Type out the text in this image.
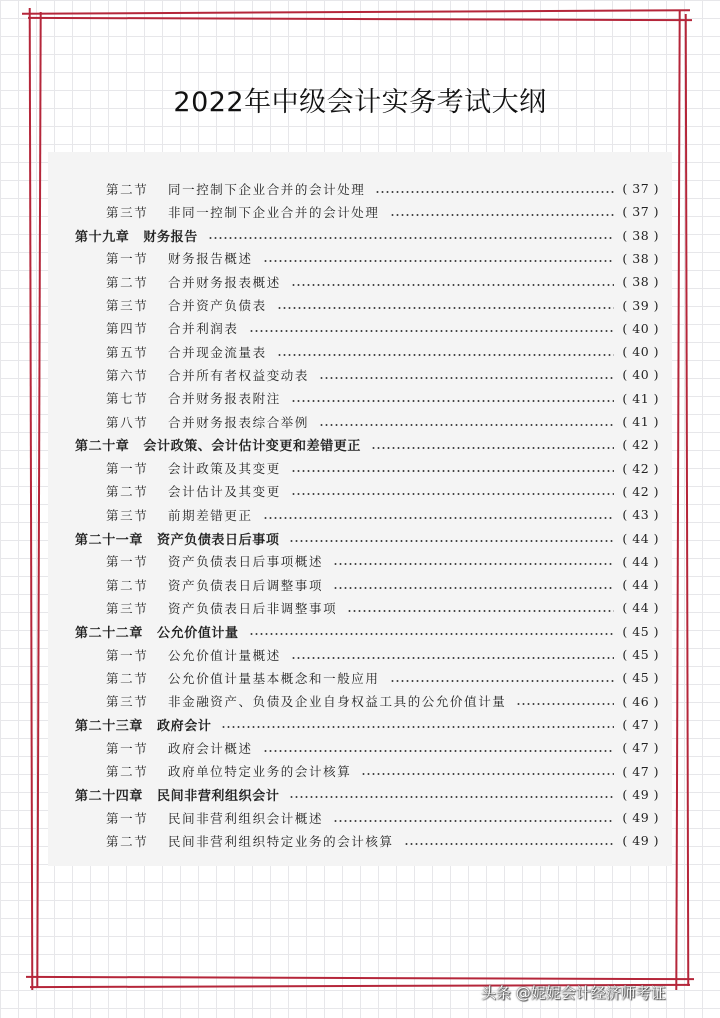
2022年中级会计实务考试大纲
第二节	同一控制下企业合并的会计处理	( 37 )
第三节	非同一控制下企业合并的会计处理	( 37 )
第十九章 财务报告	( 38 )
第一节	财务报告概述	( 38 )
第二节	合并财务报表概述	( 38 )
第三节	合并资产负债表	( 39 )
第四节	合并利润表	( 40 )
第五节	合并现金流量表	( 40 )
第六节	合并所有者权益变动表	( 40 )
第七节	合并财务报表附注	( 41 )
第八节	合并财务报表综合举例	( 41 )
第二十章 会计政策、会计估计变更和差错更正	( 42 )
第一节	会计政策及其变更	( 42 )
第二节	会计估计及其变更	( 42 )
第三节	前期差错更正	( 43 )
第二十一章 资产负债表日后事项	( 44 )
第一节	资产负债表日后事项概述	( 44 )
第二节	资产负债表日后调整事项	( 44 )
第三节	资产负债表日后非调整事项	( 44 )
第二十二章 公允价值计量	( 45 )
第一节	公允价值计量概述	( 45 )
第二节	公允价值计量基本概念和一般应用	( 45 )
第三节	非金融资产、负债及企业自身权益工具的公允价值计量	( 46 )
第二十三章 政府会计	( 47 )
第一节	政府会计概述	( 47 )
第二节	政府单位特定业务的会计核算	( 47 )
第二十四章 民间非营利组织会计	( 49 )
第一节	民间非营利组织会计概述	( 49 )
第二节	民间非营利组织特定业务的会计核算	( 49 )
头条 @妮妮会计经济师考证
